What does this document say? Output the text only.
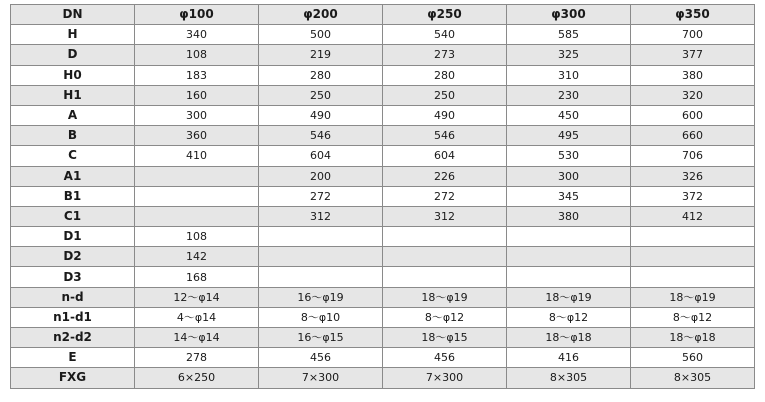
DN	φ100	φ200	φ250	φ300	φ350
H	340	500	540	585	700
D	108	219	273	325	377
H0	183	280	280	310	380
H1	160	250	250	230	320
A	300	490	490	450	600
B	360	546	546	495	660
C	410	604	604	530	706
A1		200	226	300	326
B1		272	272	345	372
C1		312	312	380	412
D1	108				
D2	142				
D3	168				
n-d	12～φ14	16～φ19	18～φ19	18～φ19	18～φ19
n1-d1	4～φ14	8～φ10	8～φ12	8～φ12	8～φ12
n2-d2	14～φ14	16～φ15	18～φ15	18～φ18	18～φ18
E	278	456	456	416	560
FXG	6×250	7×300	7×300	8×305	8×305
